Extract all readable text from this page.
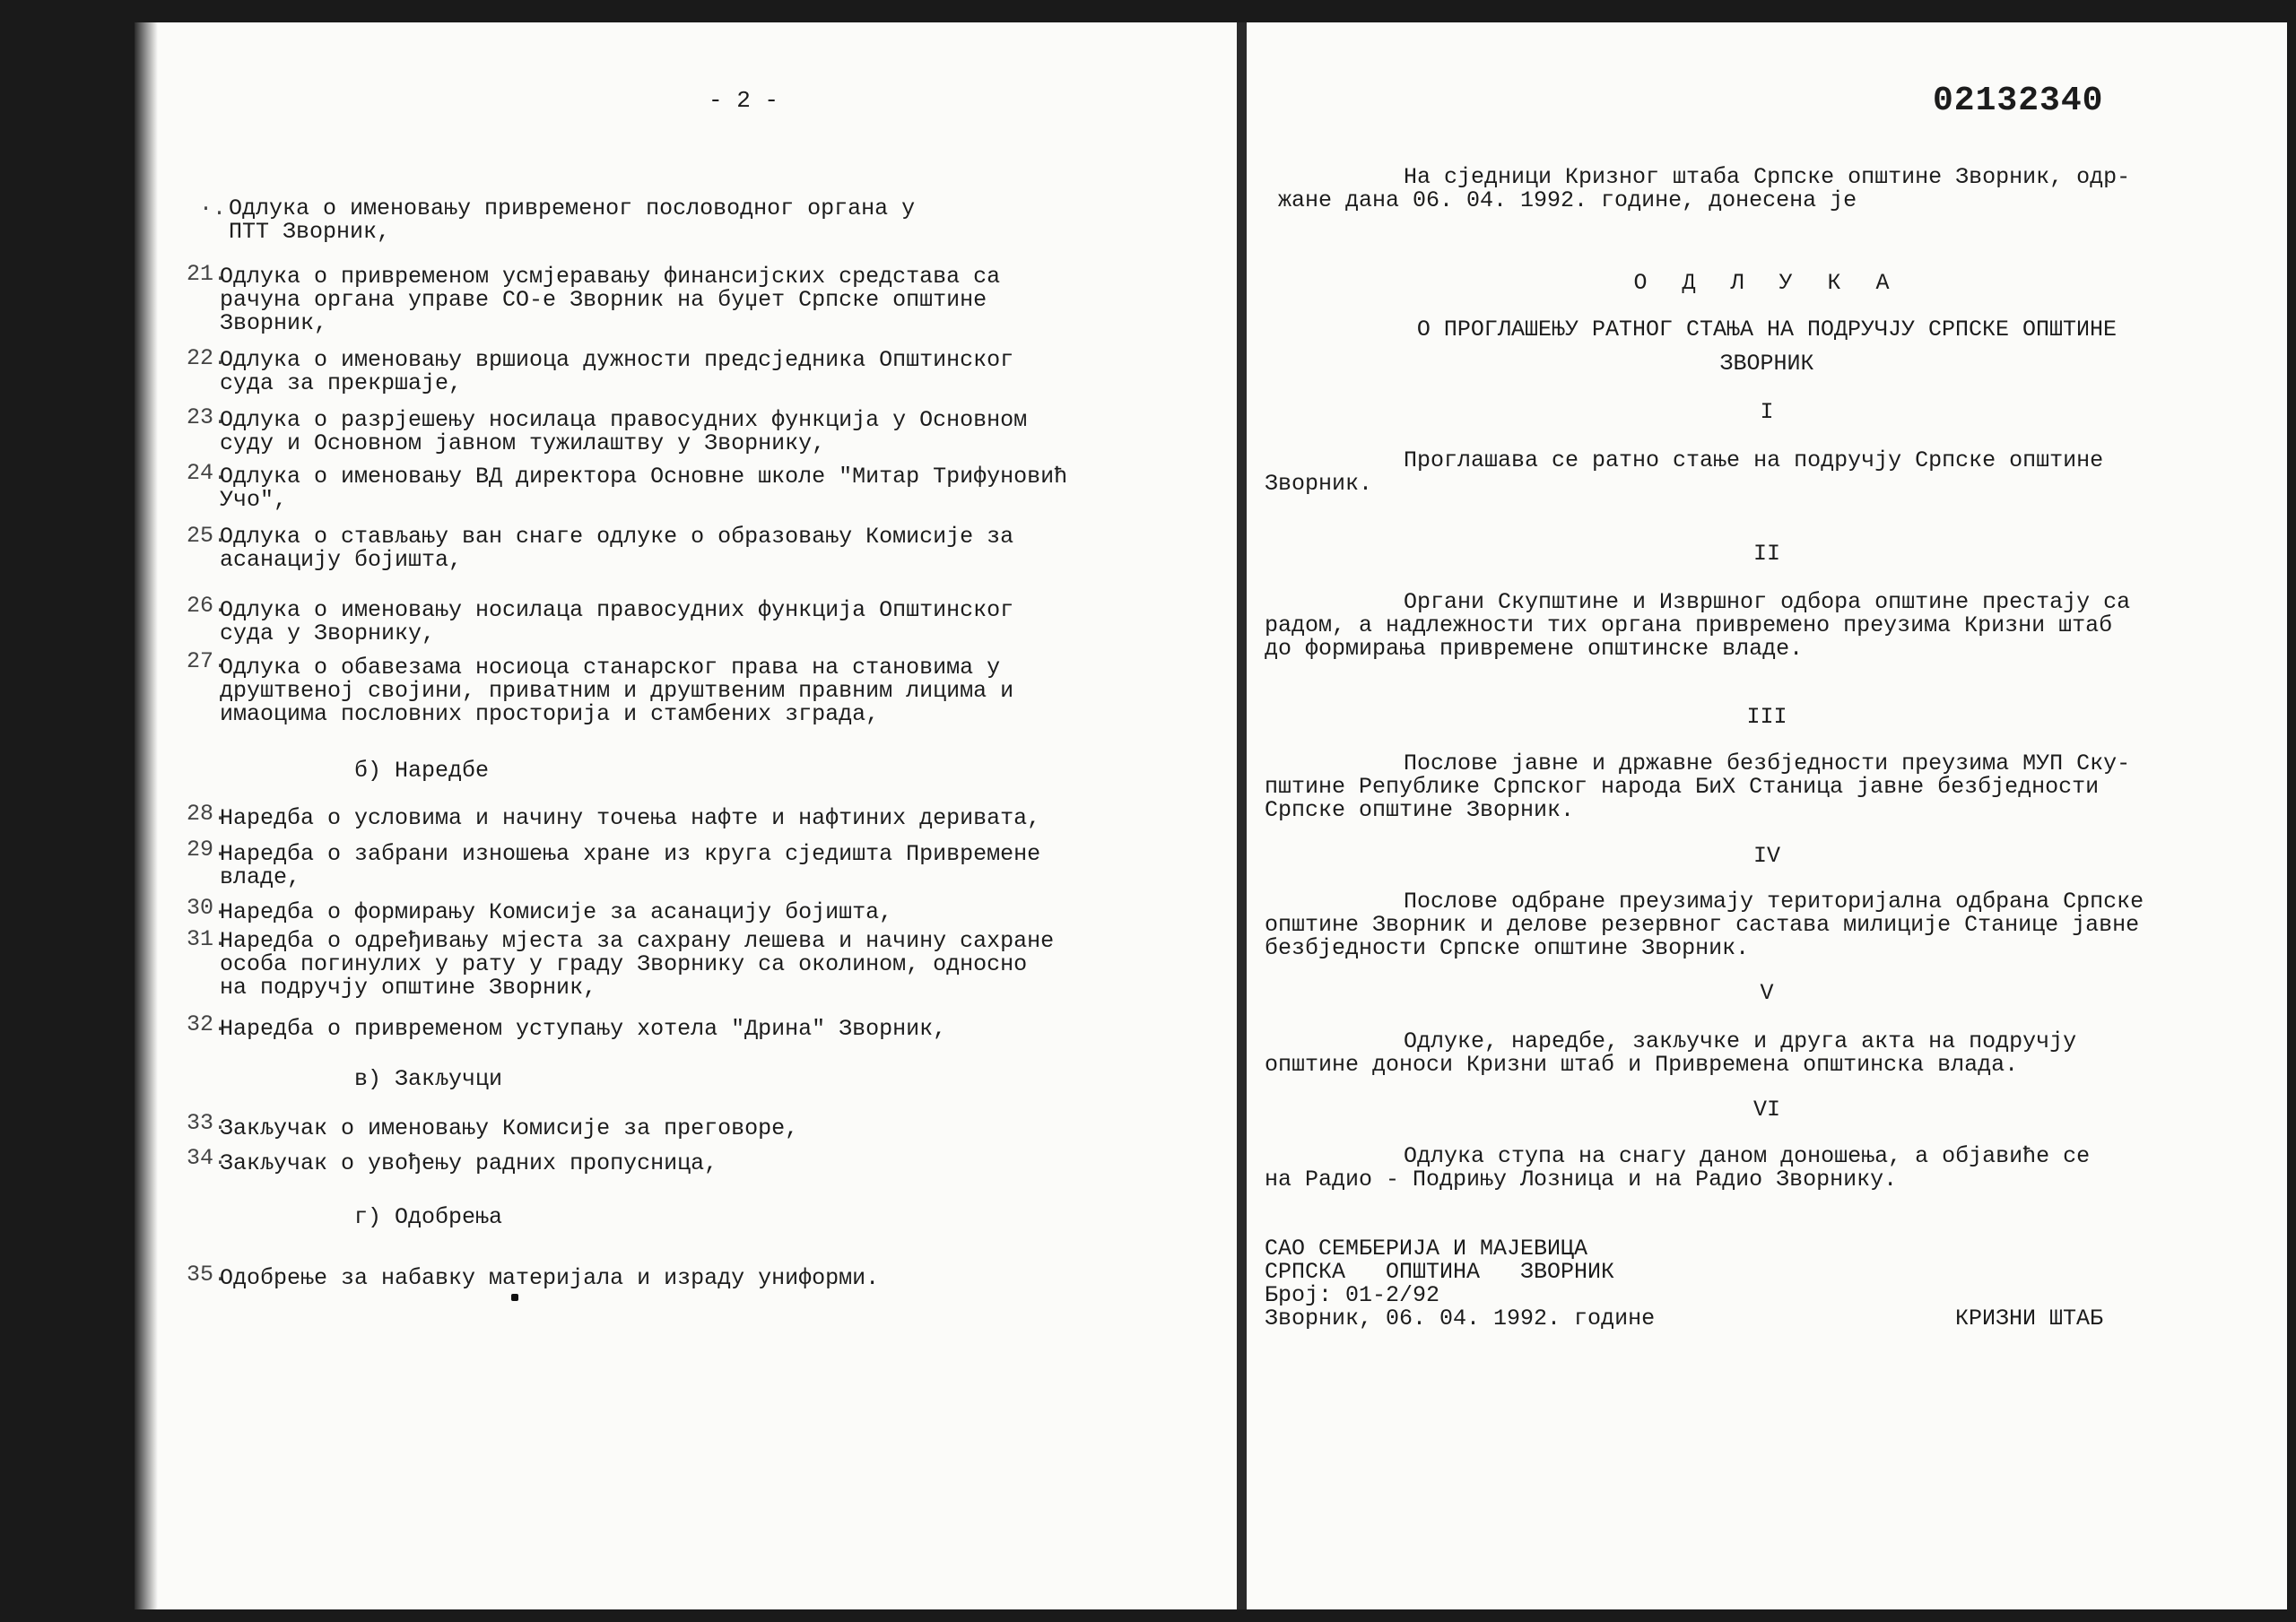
- 2 -
·. Одлука о именовању привременог пословодног органа у
ПТТ Зворник,
21.
Одлука о привременом усмјеравању финансијских средстава са
рачуна органа управе СО-е Зворник на буџет Српске општине
Зворник,
22.
Одлука о именовању вршиоца дужности предсједника Општинског
суда за прекршаје,
23.
Одлука о разрјешењу носилаца правосудних функција у Основном
суду и Основном јавном тужилаштву у Зворнику,
24.
Одлука о именовању ВД директора Основне школе "Митар Трифуновић
Учо",
25.
Одлука о стављању ван снаге одлуке о образовању Комисије за
асанацију бојишта,
26.
Одлука о именовању носилаца правосудних функција Општинског
суда у Зворнику,
27.
Одлука о обавезама носиоца станарског права на становима у
друштвеној својини, приватним и друштвеним правним лицима и
имаоцима пословних просторија и стамбених зграда,
б) Наредбе
28.
Наредба о условима и начину точења нафте и нафтиних деривата,
29.
Наредба о забрани изношења хране из круга сједишта Привремене
владе,
30.
Наредба о формирању Комисије за асанацију бојишта,
31.
Наредба о одређивању мјеста за сахрану лешева и начину сахране
особа погинулих у рату у граду Зворнику са околином, односно
на подручју општине Зворник,
32.
Наредба о привременом уступању хотела "Дрина" Зворник,
в) Закључци
33.
Закључак о именовању Комисије за преговоре,
34.
Закључак о увођењу радних пропусница,
г) Одобрења
35.
Одобрење за набавку материјала и израду униформи.
02132340
На сједници Кризног штаба Српске општине Зворник, одр-
жане дана 06. 04. 1992. године, донесена је
О Д Л У К А
О ПРОГЛАШЕЊУ РАТНОГ СТАЊА НА ПОДРУЧЈУ СРПСКЕ ОПШТИНЕ
ЗВОРНИК
I
Проглашава се ратно стање на подручју Српске општине
Зворник.
II
Органи Скупштине и Извршног одбора општине престају са
радом, а надлежности тих органа привремено преузима Кризни штаб
до формирања привремене општинске владе.
III
Послове јавне и државне безбједности преузима МУП Ску-
пштине Републике Српског народа БиХ Станица јавне безбједности
Српске општине Зворник.
IV
Послове одбране преузимају територијална одбрана Српске
општине Зворник и делове резервног састава милиције Станице јавне
безбједности Српске општине Зворник.
V
Одлуке, наредбе, закључке и друга акта на подручју
општине доноси Кризни штаб и Привремена општинска влада.
VI
Одлука ступа на снагу даном доношења, а објавиће се
на Радио - Подрињу Лозница и на Радио Зворнику.
САО СЕМБЕРИЈА И МАЈЕВИЦА
СРПСКА   ОПШТИНА   ЗВОРНИК
Број: 01-2/92
Зворник, 06. 04. 1992. године	КРИЗНИ ШТАБ
